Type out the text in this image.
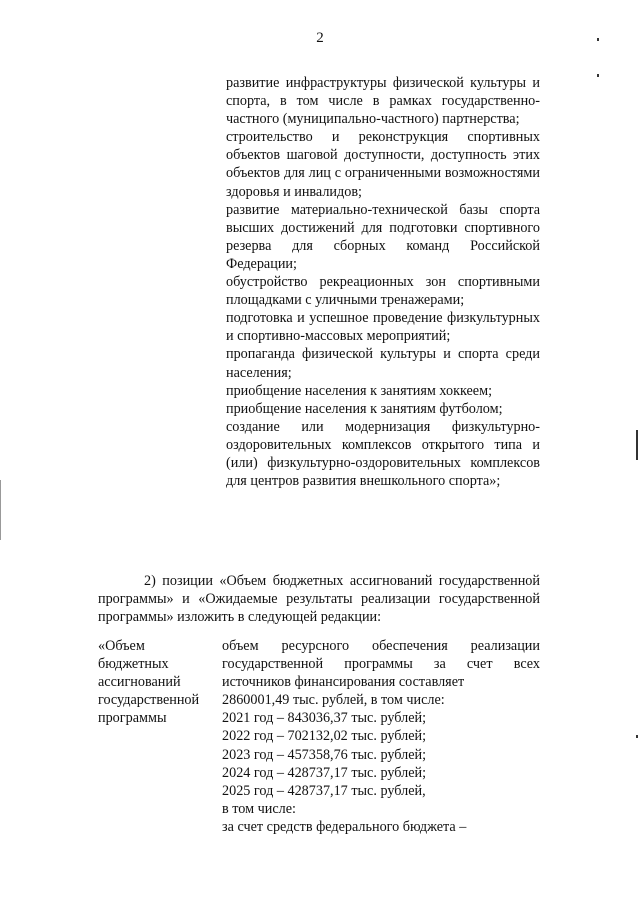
2

развитие инфраструктуры физической культуры и спорта, в том числе в рамках государственно-частного (муниципально-частного) партнерства;

строительство и реконструкция спортивных объектов шаговой доступности, доступность этих объектов для лиц с ограниченными возможностями здоровья и инвалидов;

развитие материально-технической базы спорта высших достижений для подготовки спортивного резерва для сборных команд Российской Федерации;

обустройство рекреационных зон спортивными площадками с уличными тренажерами;

подготовка и успешное проведение физкультурных и спортивно-массовых мероприятий;

пропаганда физической культуры и спорта среди населения;

приобщение населения к занятиям хоккеем;

приобщение населения к занятиям футболом;

создание или модернизация физкультурно-оздоровительных комплексов открытого типа и (или) физкультурно-оздоровительных комплексов для центров развития внешкольного спорта»;

2) позиции «Объем бюджетных ассигнований государственной программы» и «Ожидаемые результаты реализации государственной программы» изложить в следующей редакции:

«Объем
бюджетных
ассигнований
государственной
программы

объем ресурсного обеспечения реализации государственной программы за счет всех источников финансирования составляет

2860001,49 тыс. рублей, в том числе:

2021 год – 843036,37 тыс. рублей;

2022 год – 702132,02 тыс. рублей;

2023 год – 457358,76 тыс. рублей;

2024 год – 428737,17 тыс. рублей;

2025 год – 428737,17 тыс. рублей,

в том числе:

за счет средств федерального бюджета –
